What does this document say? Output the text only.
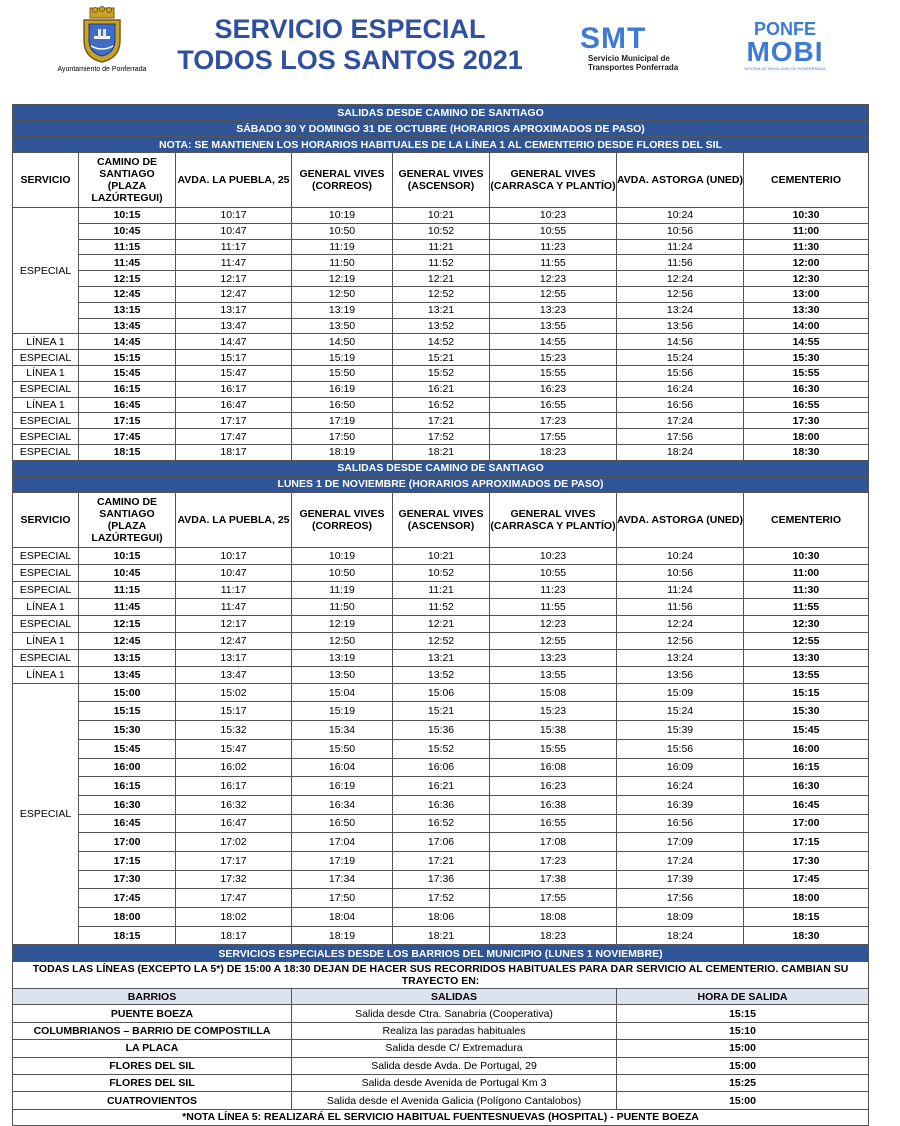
Ayuntamiento de Ponferrada
SERVICIO ESPECIAL
TODOS LOS SANTOS 2021
SMT
Servicio Municipal de
Transportes Ponferrada
PONFE
MOBI
OFICINA DE MOVILIDAD DE PONFERRADA
SALIDAS DESDE CAMINO DE SANTIAGO							
SÁBADO 30 Y DOMINGO 31 DE OCTUBRE (HORARIOS APROXIMADOS DE PASO)							
NOTA: SE MANTIENEN LOS HORARIOS HABITUALES DE LA LÍNEA 1 AL CEMENTERIO DESDE FLORES DEL SIL							
SERVICIO	CAMINO DE SANTIAGO (PLAZA LAZÚRTEGUI)	AVDA. LA PUEBLA, 25	GENERAL VIVES (CORREOS)	GENERAL VIVES (ASCENSOR)	GENERAL VIVES (CARRASCA Y PLANTÍO)	AVDA. ASTORGA (UNED)	CEMENTERIO
ESPECIAL	10:15	10:17	10:19	10:21	10:23	10:24	10:30
	10:45	10:47	10:50	10:52	10:55	10:56	11:00
	11:15	11:17	11:19	11:21	11:23	11:24	11:30
	11:45	11:47	11:50	11:52	11:55	11:56	12:00
	12:15	12:17	12:19	12:21	12:23	12:24	12:30
	12:45	12:47	12:50	12:52	12:55	12:56	13:00
	13:15	13:17	13:19	13:21	13:23	13:24	13:30
	13:45	13:47	13:50	13:52	13:55	13:56	14:00
LÍNEA 1	14:45	14:47	14:50	14:52	14:55	14:56	14:55
ESPECIAL	15:15	15:17	15:19	15:21	15:23	15:24	15:30
LÍNEA 1	15:45	15:47	15:50	15:52	15:55	15:56	15:55
ESPECIAL	16:15	16:17	16:19	16:21	16:23	16:24	16:30
LÍNEA 1	16:45	16:47	16:50	16:52	16:55	16:56	16:55
ESPECIAL	17:15	17:17	17:19	17:21	17:23	17:24	17:30
ESPECIAL	17:45	17:47	17:50	17:52	17:55	17:56	18:00
ESPECIAL	18:15	18:17	18:19	18:21	18:23	18:24	18:30
SALIDAS DESDE CAMINO DE SANTIAGO							
LUNES 1 DE NOVIEMBRE (HORARIOS APROXIMADOS DE PASO)							
SERVICIO	CAMINO DE SANTIAGO (PLAZA LAZÚRTEGUI)	AVDA. LA PUEBLA, 25	GENERAL VIVES (CORREOS)	GENERAL VIVES (ASCENSOR)	GENERAL VIVES (CARRASCA Y PLANTÍO)	AVDA. ASTORGA (UNED)	CEMENTERIO
ESPECIAL	10:15	10:17	10:19	10:21	10:23	10:24	10:30
ESPECIAL	10:45	10:47	10:50	10:52	10:55	10:56	11:00
ESPECIAL	11:15	11:17	11:19	11:21	11:23	11:24	11:30
LÍNEA 1	11:45	11:47	11:50	11:52	11:55	11:56	11:55
ESPECIAL	12:15	12:17	12:19	12:21	12:23	12:24	12:30
LÍNEA 1	12:45	12:47	12:50	12:52	12:55	12:56	12:55
ESPECIAL	13:15	13:17	13:19	13:21	13:23	13:24	13:30
LÍNEA 1	13:45	13:47	13:50	13:52	13:55	13:56	13:55
ESPECIAL	15:00	15:02	15:04	15:06	15:08	15:09	15:15
	15:15	15:17	15:19	15:21	15:23	15:24	15:30
	15:30	15:32	15:34	15:36	15:38	15:39	15:45
	15:45	15:47	15:50	15:52	15:55	15:56	16:00
	16:00	16:02	16:04	16:06	16:08	16:09	16:15
	16:15	16:17	16:19	16:21	16:23	16:24	16:30
	16:30	16:32	16:34	16:36	16:38	16:39	16:45
	16:45	16:47	16:50	16:52	16:55	16:56	17:00
	17:00	17:02	17:04	17:06	17:08	17:09	17:15
	17:15	17:17	17:19	17:21	17:23	17:24	17:30
	17:30	17:32	17:34	17:36	17:38	17:39	17:45
	17:45	17:47	17:50	17:52	17:55	17:56	18:00
	18:00	18:02	18:04	18:06	18:08	18:09	18:15
	18:15	18:17	18:19	18:21	18:23	18:24	18:30
SERVICIOS ESPECIALES DESDE LOS BARRIOS DEL MUNICIPIO (LUNES 1 NOVIEMBRE)		
TODAS LAS LÍNEAS (EXCEPTO LA 5*) DE 15:00 A 18:30 DEJAN DE HACER SUS RECORRIDOS HABITUALES PARA DAR SERVICIO AL CEMENTERIO. CAMBIAN SU TRAYECTO EN:		
BARRIOS	SALIDAS	HORA DE SALIDA
PUENTE BOEZA	Salida desde Ctra. Sanabria (Cooperativa)	15:15
COLUMBRIANOS – BARRIO DE COMPOSTILLA	Realiza las paradas habituales	15:10
LA PLACA	Salida desde C/ Extremadura	15:00
FLORES DEL SIL	Salida desde Avda. De Portugal, 29	15:00
FLORES DEL SIL	Salida desde Avenida de Portugal Km 3	15:25
CUATROVIENTOS	Salida desde el Avenida Galicia (Polígono Cantalobos)	15:00
*NOTA LÍNEA 5: REALIZARÁ EL SERVICIO HABITUAL FUENTESNUEVAS (HOSPITAL) - PUENTE BOEZA		
